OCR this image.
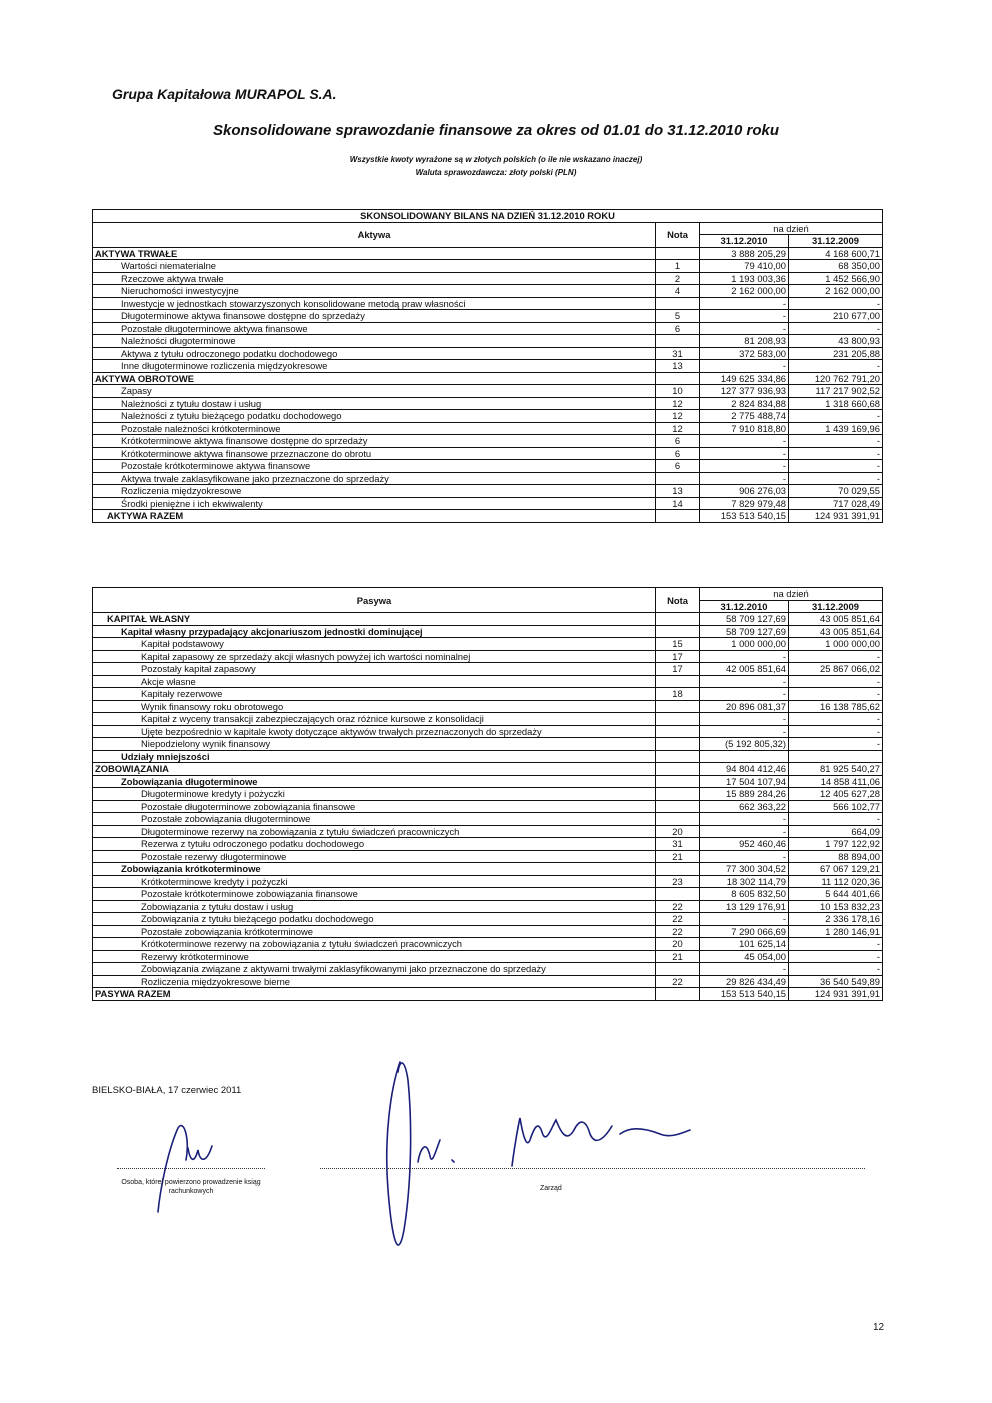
Grupa Kapitałowa MURAPOL S.A.
Skonsolidowane sprawozdanie finansowe za okres od 01.01 do 31.12.2010 roku
Wszystkie kwoty wyrażone są w złotych polskich (o ile nie wskazano inaczej)
Waluta sprawozdawcza: złoty polski (PLN)
SKONSOLIDOWANY BILANS NA DZIEŃ 31.12.2010 ROKU			
Aktywa	Nota	na dzień	
		31.12.2010	31.12.2009
AKTYWA TRWAŁE		3 888 205,29	4 168 600,71
Wartości niematerialne	1	79 410,00	68 350,00
Rzeczowe aktywa trwałe	2	1 193 003,36	1 452 566,90
Nieruchomości inwestycyjne	4	2 162 000,00	2 162 000,00
Inwestycje w jednostkach stowarzyszonych konsolidowane metodą praw własności		-	-
Długoterminowe aktywa finansowe dostępne do sprzedaży	5	-	210 677,00
Pozostałe długoterminowe aktywa finansowe	6	-	-
Należności długoterminowe		81 208,93	43 800,93
Aktywa z tytułu odroczonego podatku dochodowego	31	372 583,00	231 205,88
Inne długoterminowe rozliczenia międzyokresowe	13	-	-
AKTYWA OBROTOWE		149 625 334,86	120 762 791,20
Zapasy	10	127 377 936,93	117 217 902,52
Należności z tytułu dostaw i usług	12	2 824 834,88	1 318 660,68
Należności z tytułu bieżącego podatku dochodowego	12	2 775 488,74	-
Pozostałe należności krótkoterminowe	12	7 910 818,80	1 439 169,96
Krótkoterminowe aktywa finansowe dostępne do sprzedaży	6	-	-
Krótkoterminowe aktywa finansowe przeznaczone do obrotu	6	-	-
Pozostałe krótkoterminowe aktywa finansowe	6	-	-
Aktywa trwałe zaklasyfikowane jako przeznaczone do sprzedaży		-	-
Rozliczenia międzyokresowe	13	906 276,03	70 029,55
Środki pieniężne i ich ekwiwalenty	14	7 829 979,48	717 028,49
AKTYWA RAZEM		153 513 540,15	124 931 391,91
Pasywa	Nota	na dzień	
		31.12.2010	31.12.2009
KAPITAŁ WŁASNY		58 709 127,69	43 005 851,64
Kapitał własny przypadający akcjonariuszom jednostki dominującej		58 709 127,69	43 005 851,64
Kapitał podstawowy	15	1 000 000,00	1 000 000,00
Kapitał zapasowy ze sprzedaży akcji własnych powyżej ich wartości nominalnej	17	-	-
Pozostały kapitał zapasowy	17	42 005 851,64	25 867 066,02
Akcje własne		-	-
Kapitały rezerwowe	18	-	-
Wynik finansowy roku obrotowego		20 896 081,37	16 138 785,62
Kapitał z wyceny transakcji zabezpieczających oraz różnice kursowe z konsolidacji		-	-
Ujęte bezpośrednio w kapitale kwoty dotyczące aktywów trwałych przeznaczonych do sprzedaży		-	-
Niepodzielony wynik finansowy		(5 192 805,32)	-
Udziały mniejszości			
ZOBOWIĄZANIA		94 804 412,46	81 925 540,27
Zobowiązania długoterminowe		17 504 107,94	14 858 411,06
Długoterminowe kredyty i pożyczki		15 889 284,26	12 405 627,28
Pozostałe długoterminowe zobowiązania finansowe		662 363,22	566 102,77
Pozostałe zobowiązania długoterminowe		-	-
Długoterminowe rezerwy na zobowiązania z tytułu świadczeń pracowniczych	20	-	664,09
Rezerwa z tytułu odroczonego podatku dochodowego	31	952 460,46	1 797 122,92
Pozostałe rezerwy długoterminowe	21	-	88 894,00
Zobowiązania krótkoterminowe		77 300 304,52	67 067 129,21
Krótkoterminowe kredyty i pożyczki	23	18 302 114,79	11 112 020,36
Pozostałe krótkoterminowe zobowiązania finansowe		8 605 832,50	5 644 401,66
Zobowiązania z tytułu dostaw i usług	22	13 129 176,91	10 153 832,23
Zobowiązania z tytułu bieżącego podatku dochodowego	22	-	2 336 178,16
Pozostałe zobowiązania krótkoterminowe	22	7 290 066,69	1 280 146,91
Krótkoterminowe rezerwy na zobowiązania z tytułu świadczeń pracowniczych	20	101 625,14	-
Rezerwy krótkoterminowe	21	45 054,00	-
Zobowiązania związane z aktywami trwałymi zaklasyfikowanymi jako przeznaczone do sprzedaży		-	-
Rozliczenia międzyokresowe bierne	22	29 826 434,49	36 540 549,89
PASYWA RAZEM		153 513 540,15	124 931 391,91
BIELSKO-BIAŁA, 17 czerwiec 2011
Osoba, której powierzono prowadzenie ksiąg rachunkowych	Zarząd
12
